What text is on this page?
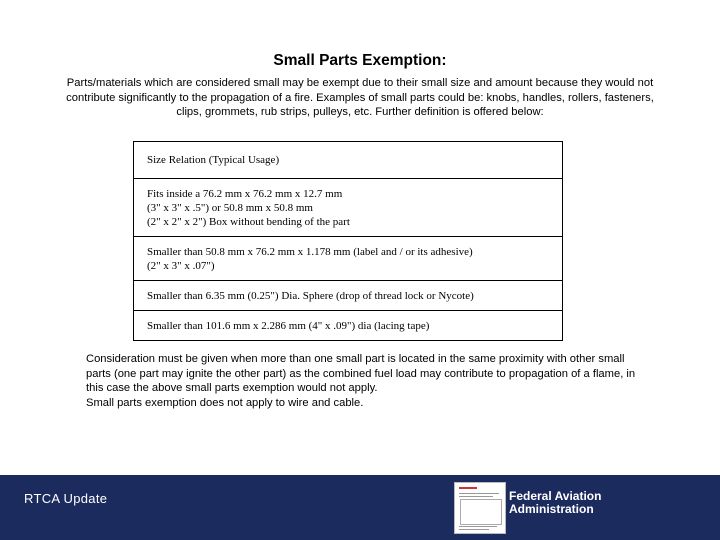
Small Parts Exemption:
Parts/materials which are considered small may be exempt due to their small size and amount because they would not contribute significantly to the propagation of a fire. Examples of small parts could be: knobs, handles, rollers, fasteners, clips, grommets, rub strips, pulleys, etc. Further definition is offered below:
Size Relation (Typical Usage)

Fits inside a 76.2 mm x 76.2 mm x 12.7 mm
(3" x 3" x .5") or 50.8 mm x 50.8 mm
(2" x 2" x 2") Box without bending of the part

Smaller than 50.8 mm x 76.2 mm x 1.178 mm (label and / or its adhesive)
(2" x 3" x .07")

Smaller than 6.35 mm (0.25") Dia. Sphere (drop of thread lock or Nycote)

Smaller than 101.6 mm x 2.286 mm (4" x .09") dia (lacing tape)
Consideration must be given when more than one small part is located in the same proximity with other small parts (one part may ignite the other part) as the combined fuel load may contribute to propagation of a flame, in this case the above small parts exemption would not apply.
Small parts exemption does not apply to wire and cable.
RTCA Update	Federal Aviation
Administration
